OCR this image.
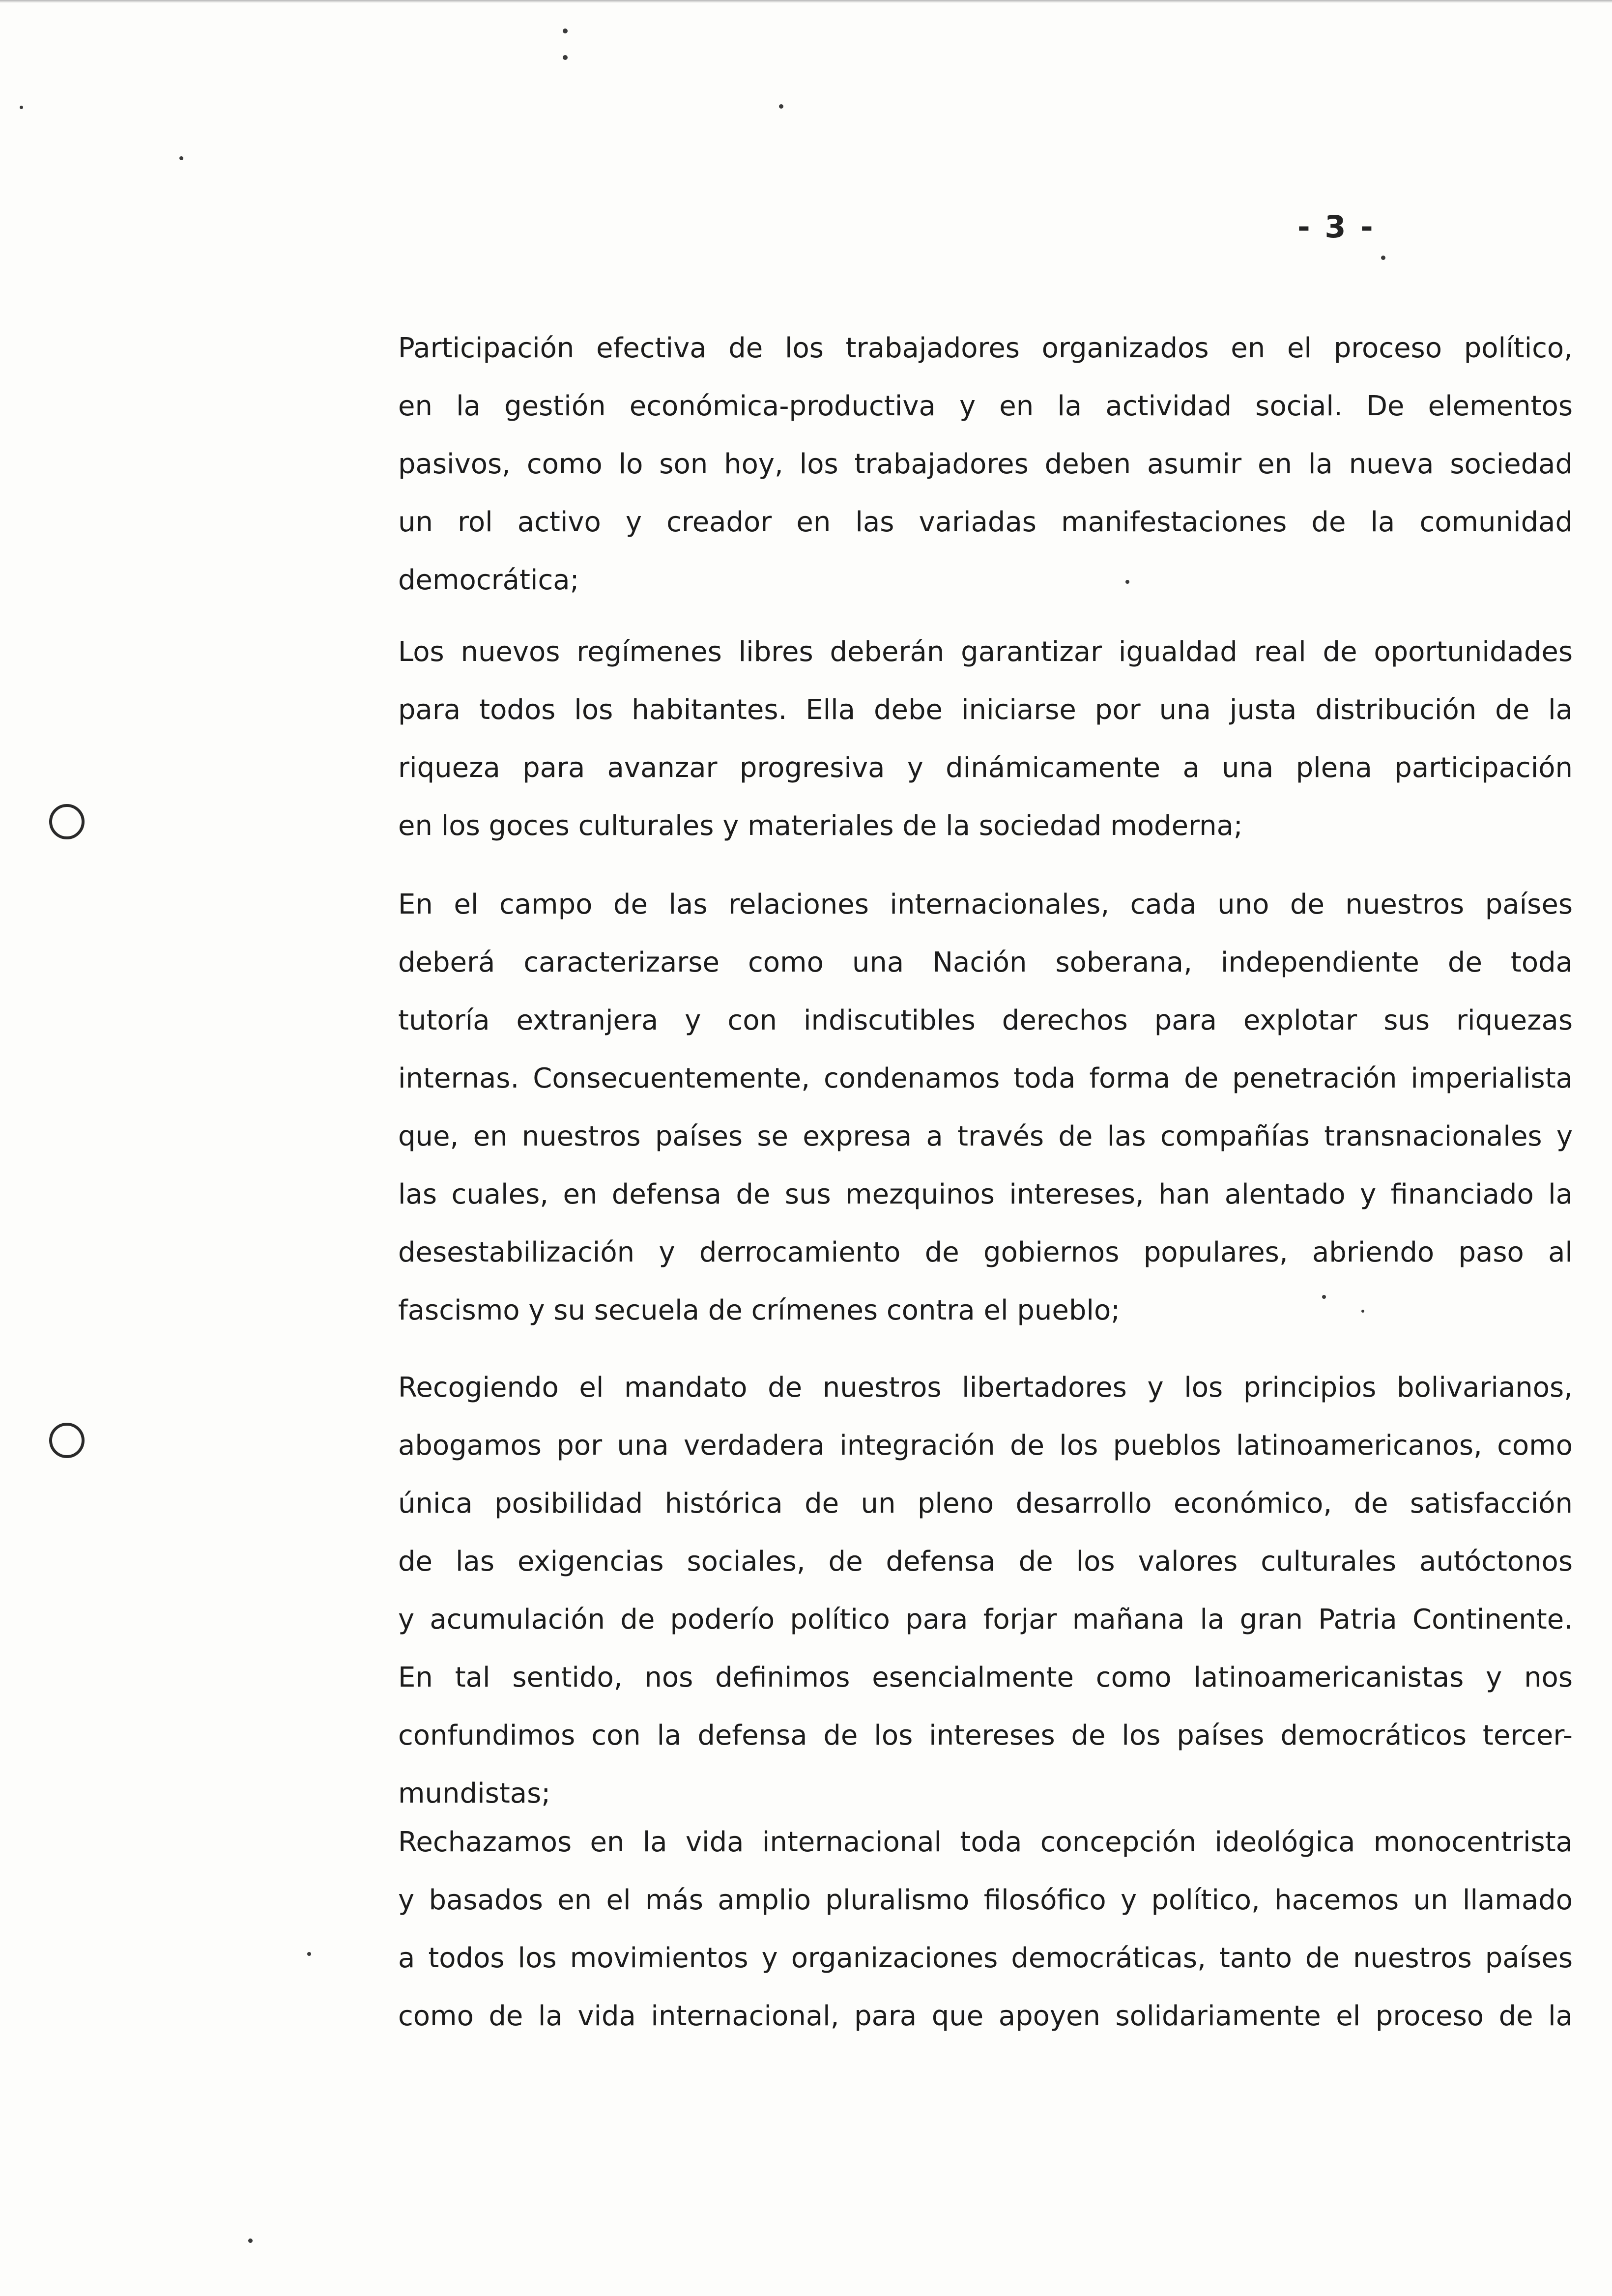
- 3 -
Participación efectiva de los trabajadores organizados en el proceso político,
en la gestión económica-productiva y en la actividad social. De elementos
pasivos, como lo son hoy, los trabajadores deben asumir en la nueva sociedad
un rol activo y creador en las variadas manifestaciones de la comunidad
democrática;
Los nuevos regímenes libres deberán garantizar igualdad real de oportunidades
para todos los habitantes. Ella debe iniciarse por una justa distribución de la
riqueza para avanzar progresiva y dinámicamente a una plena participación
en los goces culturales y materiales de la sociedad moderna;
En el campo de las relaciones internacionales, cada uno de nuestros países
deberá caracterizarse como una Nación soberana, independiente de toda
tutoría extranjera y con indiscutibles derechos para explotar sus riquezas
internas. Consecuentemente, condenamos toda forma de penetración imperialista
que, en nuestros países se expresa a través de las compañías transnacionales y
las cuales, en defensa de sus mezquinos intereses, han alentado y financiado la
desestabilización y derrocamiento de gobiernos populares, abriendo paso al
fascismo y su secuela de crímenes contra el pueblo;
Recogiendo el mandato de nuestros libertadores y los principios bolivarianos,
abogamos por una verdadera integración de los pueblos latinoamericanos, como
única posibilidad histórica de un pleno desarrollo económico, de satisfacción
de las exigencias sociales, de defensa de los valores culturales autóctonos
y acumulación de poderío político para forjar mañana la gran Patria Continente.
En tal sentido, nos definimos esencialmente como latinoamericanistas y nos
confundimos con la defensa de los intereses de los países democráticos tercer-
mundistas;
Rechazamos en la vida internacional toda concepción ideológica monocentrista
y basados en el más amplio pluralismo filosófico y político, hacemos un llamado
a todos los movimientos y organizaciones democráticas, tanto de nuestros países
como de la vida internacional, para que apoyen solidariamente el proceso de la
